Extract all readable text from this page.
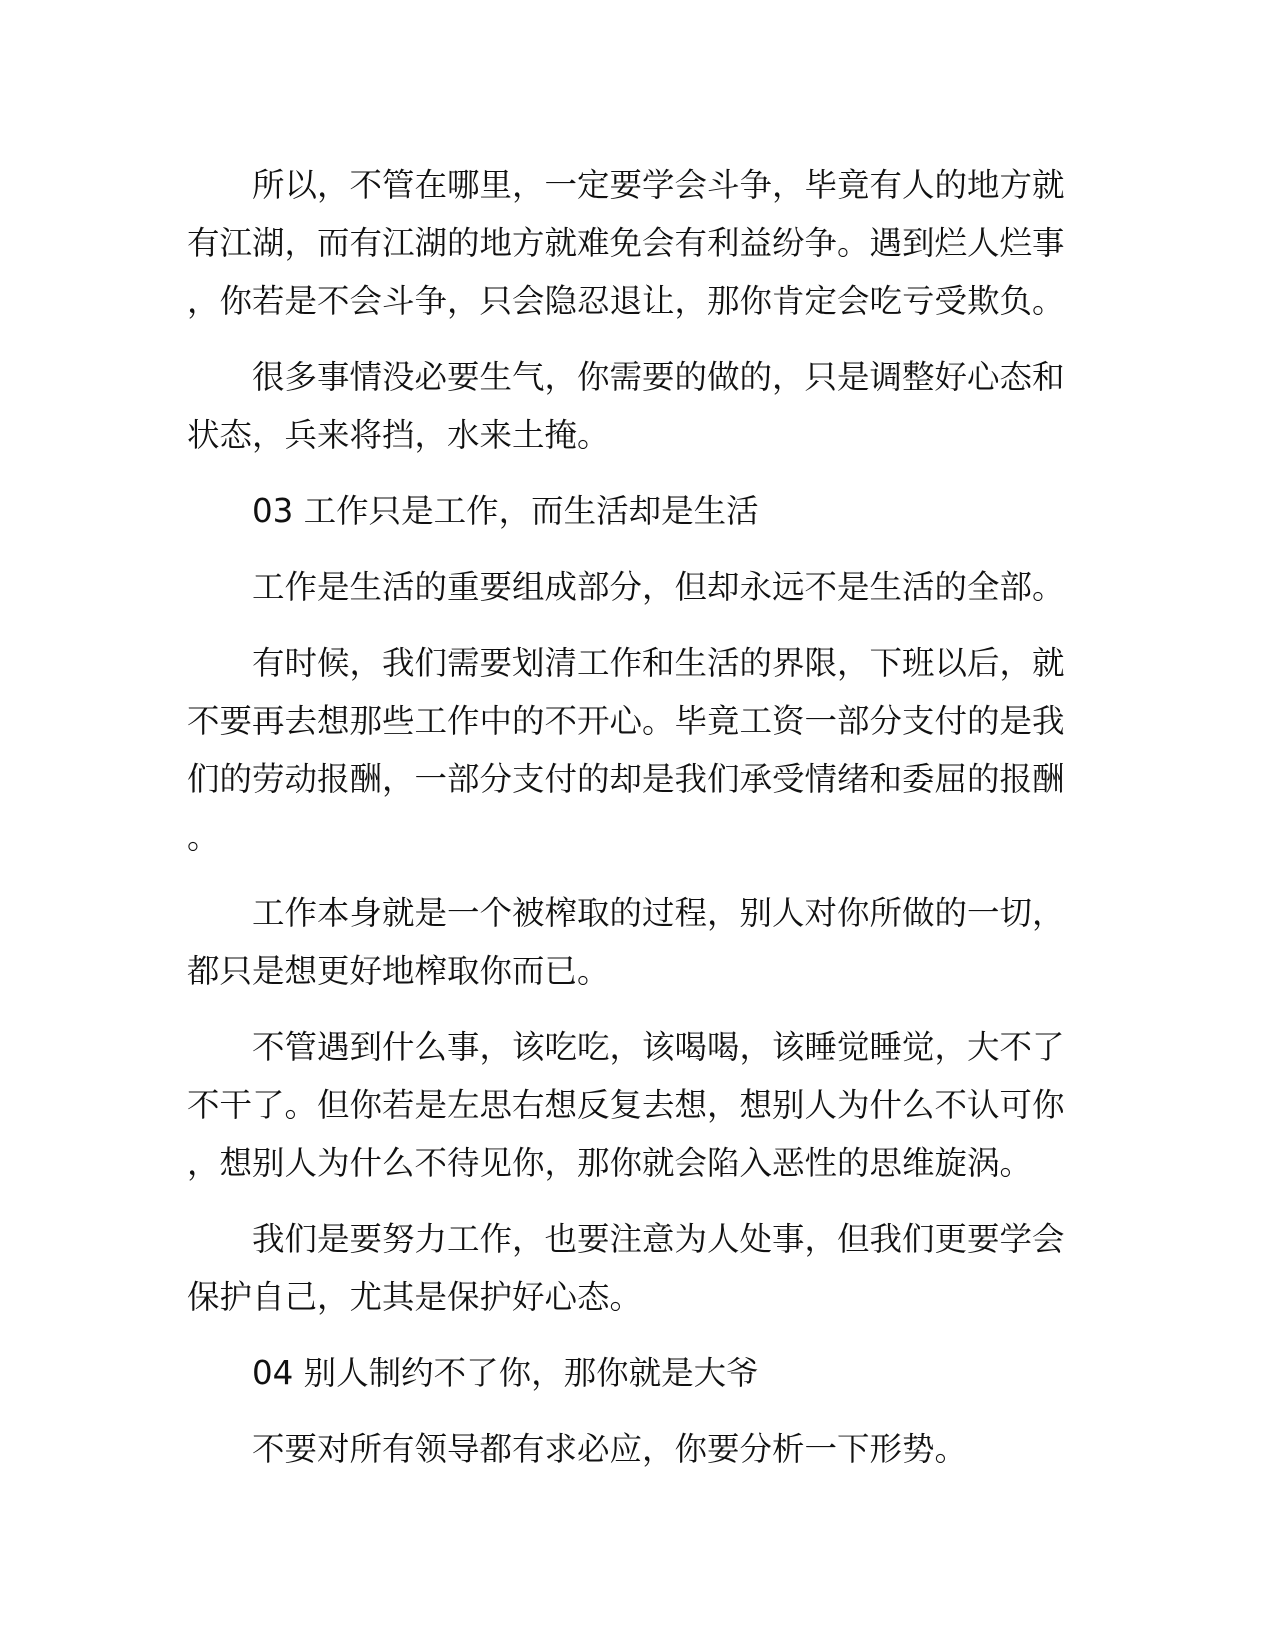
所以，不管在哪里，一定要学会斗争，毕竟有人的地方就有江湖，而有江湖的地方就难免会有利益纷争。遇到烂人烂事，你若是不会斗争，只会隐忍退让，那你肯定会吃亏受欺负。

很多事情没必要生气，你需要的做的，只是调整好心态和状态，兵来将挡，水来土掩。

03 工作只是工作，而生活却是生活

工作是生活的重要组成部分，但却永远不是生活的全部。

有时候，我们需要划清工作和生活的界限，下班以后，就不要再去想那些工作中的不开心。毕竟工资一部分支付的是我们的劳动报酬，一部分支付的却是我们承受情绪和委屈的报酬。

工作本身就是一个被榨取的过程，别人对你所做的一切，都只是想更好地榨取你而已。

不管遇到什么事，该吃吃，该喝喝，该睡觉睡觉，大不了不干了。但你若是左思右想反复去想，想别人为什么不认可你，想别人为什么不待见你，那你就会陷入恶性的思维旋涡。

我们是要努力工作，也要注意为人处事，但我们更要学会保护自己，尤其是保护好心态。

04 别人制约不了你，那你就是大爷

不要对所有领导都有求必应，你要分析一下形势。
